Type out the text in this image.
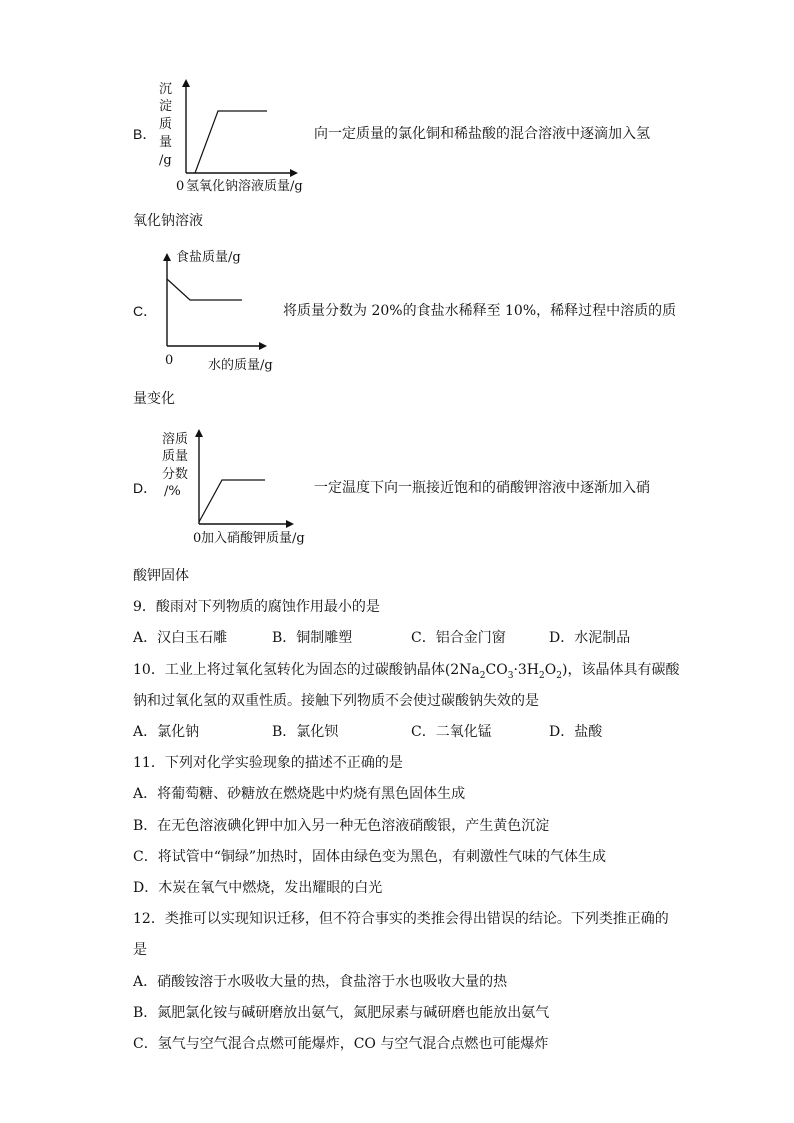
B．
沉
淀
质
量
/g
0 氢氧化钠溶液质量/g
向一定质量的氯化铜和稀盐酸的混合溶液中逐滴加入氢
氧化钠溶液
C．
食盐质量/g
0	水的质量/g
将质量分数为 20%的食盐水稀释至 10%，稀释过程中溶质的质
量变化
D．
溶质
质量
分数
/%
0 加入硝酸钾质量/g
一定温度下向一瓶接近饱和的硝酸钾溶液中逐渐加入硝
酸钾固体
9．酸雨对下列物质的腐蚀作用最小的是
A．汉白玉石雕	B．铜制雕塑	C．铝合金门窗	D．水泥制品
10．工业上将过氧化氢转化为固态的过碳酸钠晶体$(2Na_2CO_3\cdot 3H_2O_2)$，该晶体具有碳酸
钠和过氧化氢的双重性质。接触下列物质不会使过碳酸钠失效的是
A．氯化钠	B．氯化钡	C．二氧化锰	D．盐酸
11．下列对化学实验现象的描述不正确的是
A．将葡萄糖、砂糖放在燃烧匙中灼烧有黑色固体生成
B．在无色溶液碘化钾中加入另一种无色溶液硝酸银，产生黄色沉淀
C．将试管中“铜绿”加热时，固体由绿色变为黑色，有刺激性气味的气体生成
D．木炭在氧气中燃烧，发出耀眼的白光
12．类推可以实现知识迁移，但不符合事实的类推会得出错误的结论。下列类推正确的
是
A．硝酸铵溶于水吸收大量的热，食盐溶于水也吸收大量的热
B．氮肥氯化铵与碱研磨放出氨气，氮肥尿素与碱研磨也能放出氨气
C．氢气与空气混合点燃可能爆炸，CO 与空气混合点燃也可能爆炸
